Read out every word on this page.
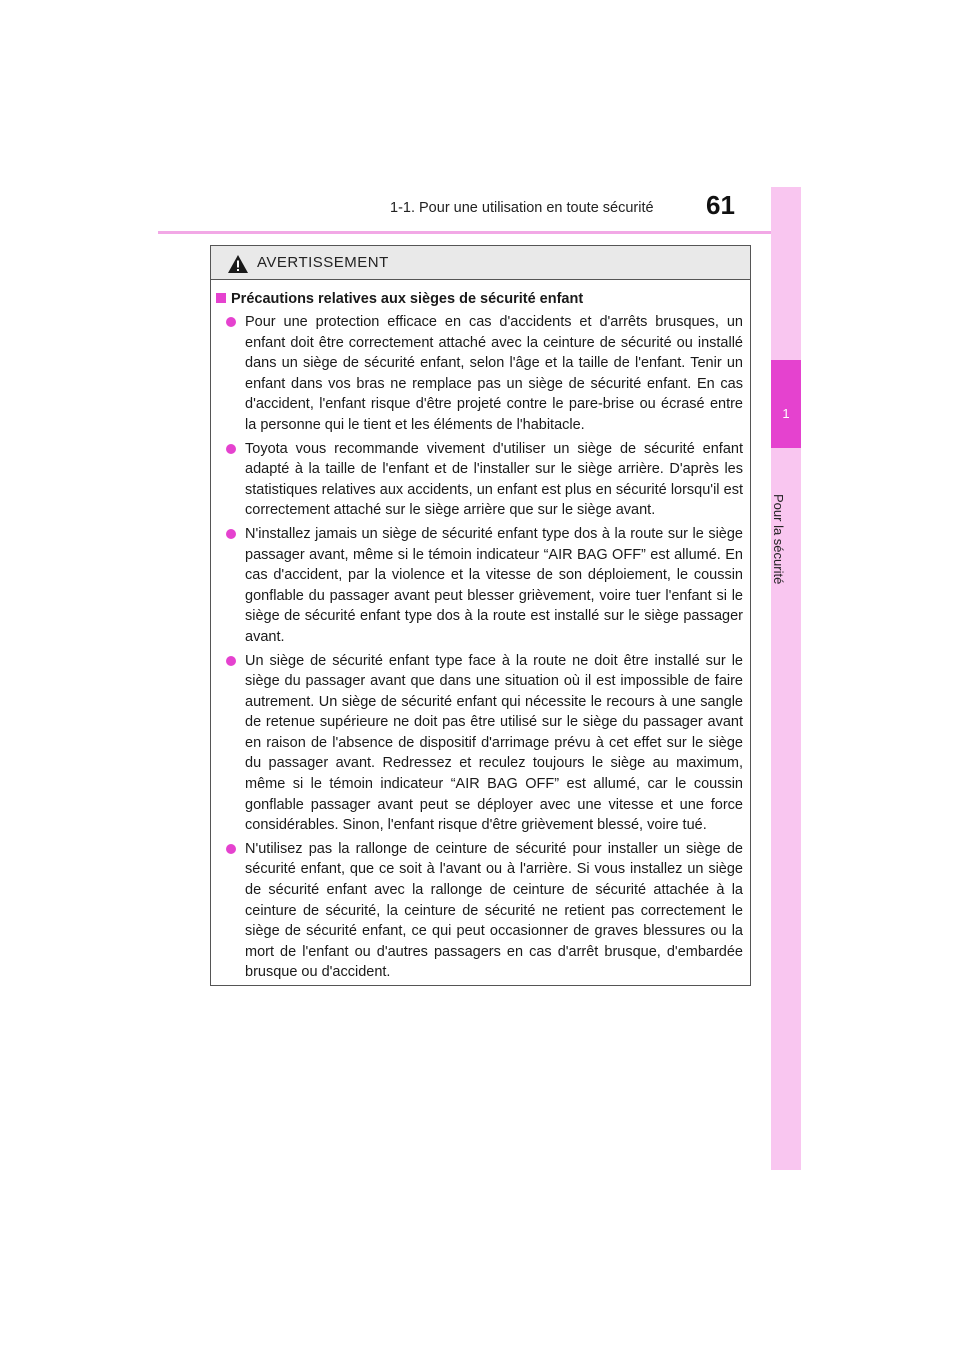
1-1. Pour une utilisation en toute sécurité 61
1
Pour la sécurité
AVERTISSEMENT
Précautions relatives aux sièges de sécurité enfant
Pour une protection efficace en cas d'accidents et d'arrêts brusques, un enfant doit être correctement attaché avec la ceinture de sécurité ou installé dans un siège de sécurité enfant, selon l'âge et la taille de l'enfant. Tenir un enfant dans vos bras ne remplace pas un siège de sécurité enfant. En cas d'accident, l'enfant risque d'être projeté contre le pare-brise ou écrasé entre la personne qui le tient et les éléments de l'habitacle.
Toyota vous recommande vivement d'utiliser un siège de sécurité enfant adapté à la taille de l'enfant et de l'installer sur le siège arrière. D'après les statistiques relatives aux accidents, un enfant est plus en sécurité lorsqu'il est correctement attaché sur le siège arrière que sur le siège avant.
N'installez jamais un siège de sécurité enfant type dos à la route sur le siège passager avant, même si le témoin indicateur “AIR BAG OFF” est allumé. En cas d'accident, par la violence et la vitesse de son déploiement, le coussin gonflable du passager avant peut blesser grièvement, voire tuer l'enfant si le siège de sécurité enfant type dos à la route est installé sur le siège passager avant.
Un siège de sécurité enfant type face à la route ne doit être installé sur le siège du passager avant que dans une situation où il est impossible de faire autrement. Un siège de sécurité enfant qui nécessite le recours à une sangle de retenue supérieure ne doit pas être utilisé sur le siège du passager avant en raison de l'absence de dispositif d'arrimage prévu à cet effet sur le siège du passager avant. Redressez et reculez toujours le siège au maximum, même si le témoin indicateur “AIR BAG OFF” est allumé, car le coussin gonflable passager avant peut se déployer avec une vitesse et une force considérables. Sinon, l'enfant risque d'être grièvement blessé, voire tué.
N'utilisez pas la rallonge de ceinture de sécurité pour installer un siège de sécurité enfant, que ce soit à l'avant ou à l'arrière. Si vous installez un siège de sécurité enfant avec la rallonge de ceinture de sécurité attachée à la ceinture de sécurité, la ceinture de sécurité ne retient pas correctement le siège de sécurité enfant, ce qui peut occasionner de graves blessures ou la mort de l'enfant ou d'autres passagers en cas d'arrêt brusque, d'embardée brusque ou d'accident.
